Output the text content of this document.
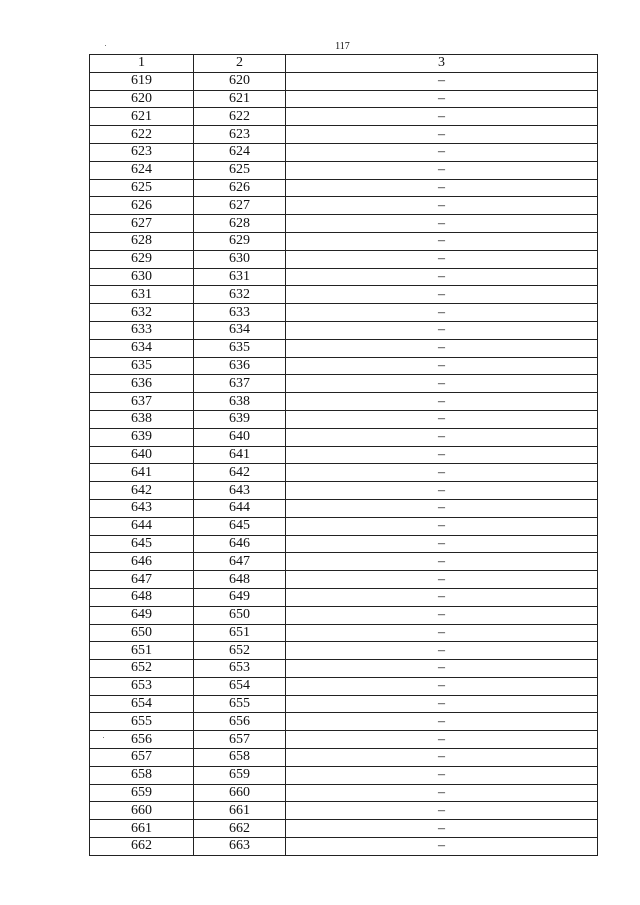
117
1	2	3
619	620	–
620	621	–
621	622	–
622	623	–
623	624	–
624	625	–
625	626	–
626	627	–
627	628	–
628	629	–
629	630	–
630	631	–
631	632	–
632	633	–
633	634	–
634	635	–
635	636	–
636	637	–
637	638	–
638	639	–
639	640	–
640	641	–
641	642	–
642	643	–
643	644	–
644	645	–
645	646	–
646	647	–
647	648	–
648	649	–
649	650	–
650	651	–
651	652	–
652	653	–
653	654	–
654	655	–
655	656	–
656	657	–
657	658	–
658	659	–
659	660	–
660	661	–
661	662	–
662	663	–
